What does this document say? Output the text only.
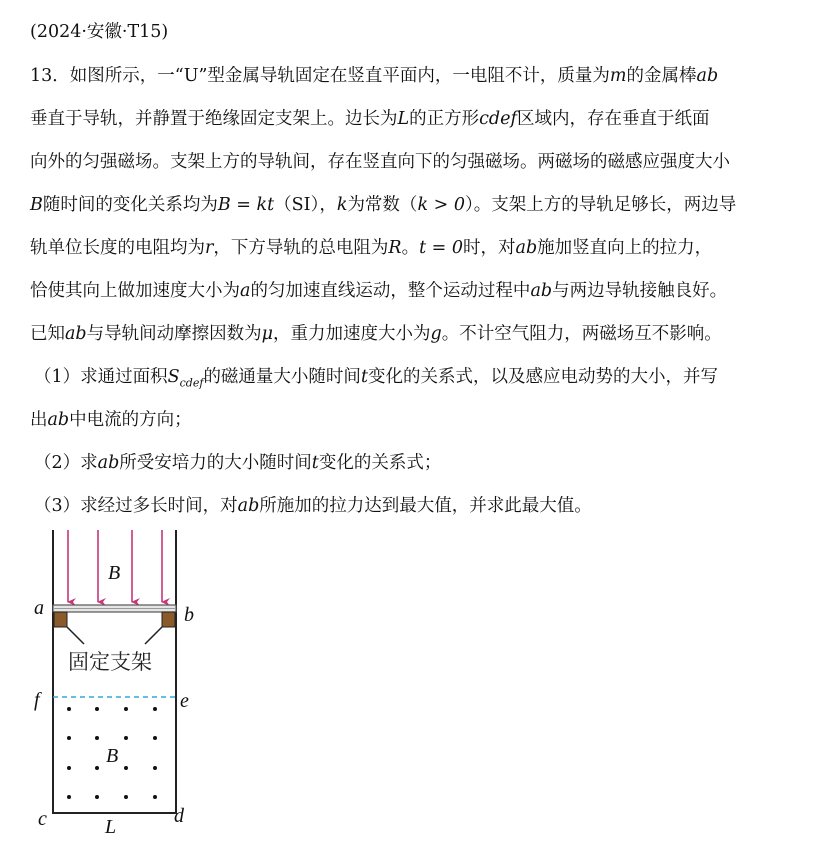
(2024·安徽·T15)
13．如图所示，一“U”型金属导轨固定在竖直平面内，一电阻不计，质量为m的金属棒ab
垂直于导轨，并静置于绝缘固定支架上。边长为L的正方形cdef区域内，存在垂直于纸面
向外的匀强磁场。支架上方的导轨间，存在竖直向下的匀强磁场。两磁场的磁感应强度大小
B随时间的变化关系均为B = kt（SI），k为常数（k > 0）。支架上方的导轨足够长，两边导
轨单位长度的电阻均为r，下方导轨的总电阻为R。t = 0时，对ab施加竖直向上的拉力，
恰使其向上做加速度大小为a的匀加速直线运动，整个运动过程中ab与两边导轨接触良好。
已知ab与导轨间动摩擦因数为μ，重力加速度大小为g。不计空气阻力，两磁场互不影响。
（1）求通过面积$S_{cdef}$的磁通量大小随时间t变化的关系式，以及感应电动势的大小，并写
出ab中电流的方向；
（2）求ab所受安培力的大小随时间t变化的关系式；
（3）求经过多长时间，对ab所施加的拉力达到最大值，并求此最大值。
B
固定支架
a	b
f	e
B
c	L	d
